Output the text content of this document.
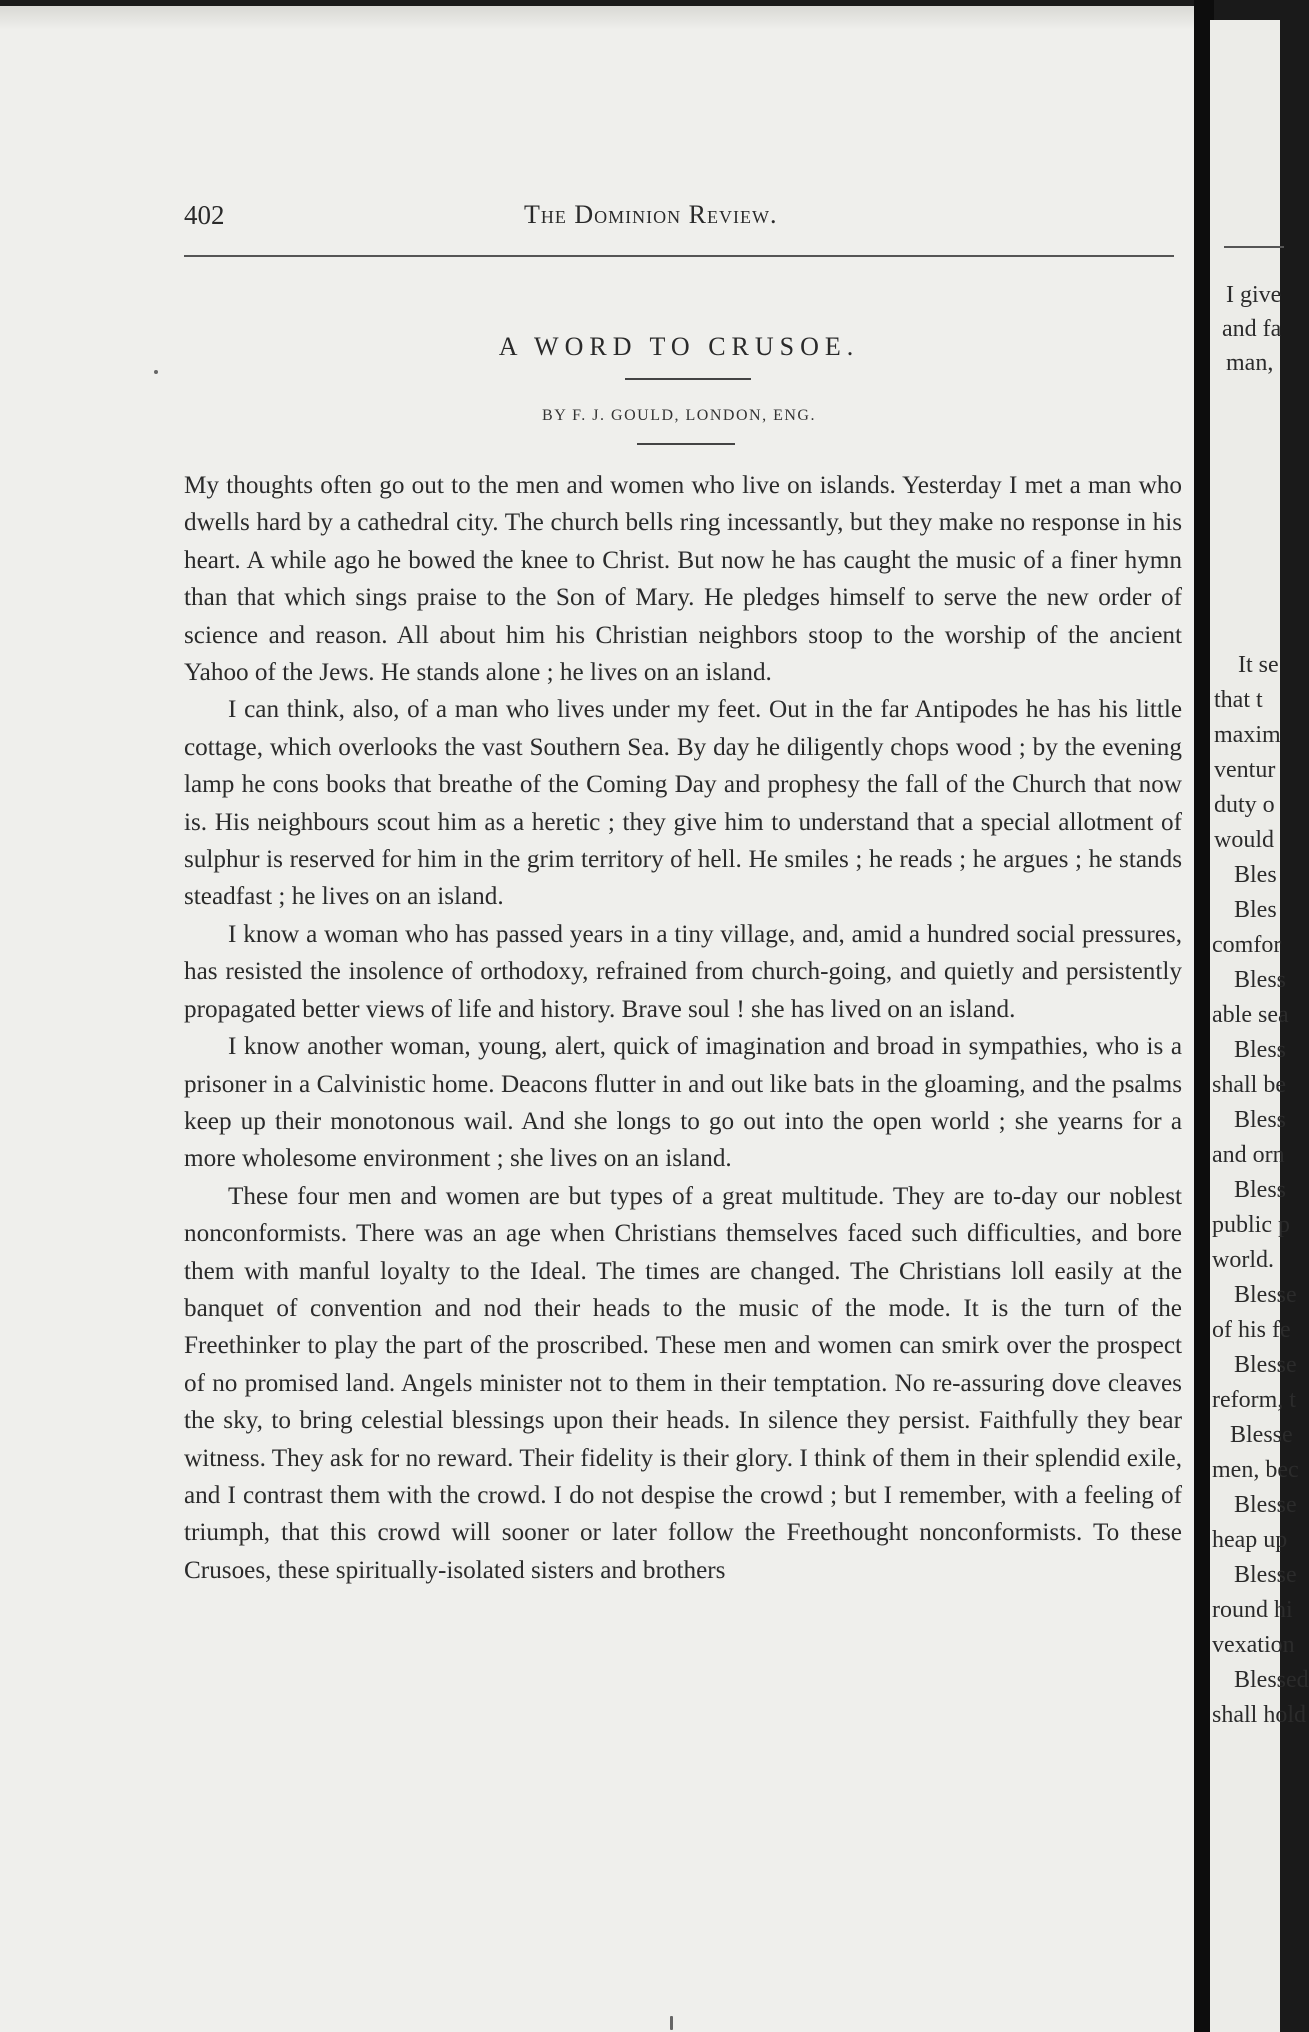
402	The Dominion Review.
A WORD TO CRUSOE.
BY F. J. GOULD, LONDON, ENG.

My thoughts often go out to the men and women who live on islands. Yesterday I met a man who dwells hard by a cathedral city. The church bells ring incessantly, but they make no response in his heart. A while ago he bowed the knee to Christ. But now he has caught the music of a finer hymn than that which sings praise to the Son of Mary. He pledges himself to serve the new order of science and reason. All about him his Christian neighbors stoop to the worship of the ancient Yahoo of the Jews. He stands alone ; he lives on an island.

I can think, also, of a man who lives under my feet. Out in the far Antipodes he has his little cottage, which overlooks the vast Southern Sea. By day he diligently chops wood ; by the evening lamp he cons books that breathe of the Coming Day and prophesy the fall of the Church that now is. His neighbours scout him as a heretic ; they give him to understand that a special allotment of sulphur is reserved for him in the grim territory of hell. He smiles ; he reads ; he argues ; he stands steadfast ; he lives on an island.

I know a woman who has passed years in a tiny village, and, amid a hundred social pressures, has resisted the insolence of orthodoxy, refrained from church-going, and quietly and persistently propagated better views of life and history. Brave soul ! she has lived on an island.

I know another woman, young, alert, quick of imagination and broad in sympathies, who is a prisoner in a Calvinistic home. Deacons flutter in and out like bats in the gloaming, and the psalms keep up their monotonous wail. And she longs to go out into the open world ; she yearns for a more wholesome environment ; she lives on an island.

These four men and women are but types of a great multitude. They are to-day our noblest nonconformists. There was an age when Christians themselves faced such difficulties, and bore them with manful loyalty to the Ideal. The times are changed. The Christians loll easily at the banquet of convention and nod their heads to the music of the mode. It is the turn of the Freethinker to play the part of the proscribed. These men and women can smirk over the prospect of no promised land. Angels minister not to them in their temptation. No re-assuring dove cleaves the sky, to bring celestial blessings upon their heads. In silence they persist. Faithfully they bear witness. They ask for no reward. Their fidelity is their glory. I think of them in their splendid exile, and I contrast them with the crowd. I do not despise the crowd ; but I remember, with a feeling of triumph, that this crowd will sooner or later follow the Freethought nonconformists. To these Crusoes, these spiritually-isolated sisters and brothers

I give
and fa
man,
It se
that t
maxim
ventur
duty o
would
Bles
Bles
comfor
Bless
able sea
Bless
shall be
Bless
and orn
Bless
public p
world.
Blesse
of his fe
Blesse
reform, t
Blesse
men, bec
Blesse
heap up
Blesse
round hi
vexation
Blessed
shall hold
